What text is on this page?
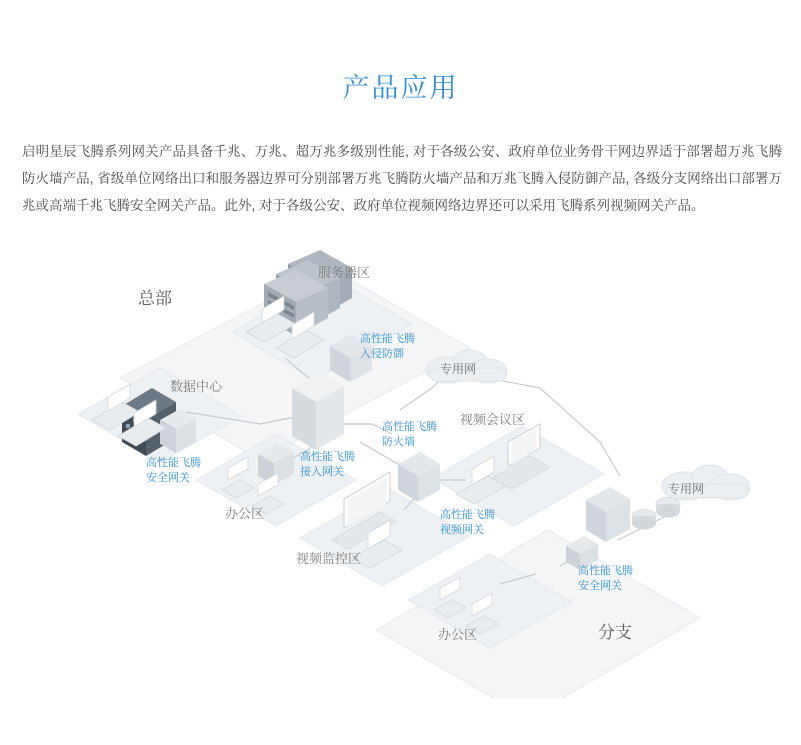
产品应用

启明星辰飞腾系列网关产品具备千兆、万兆、超万兆多级别性能, 对于各级公安、政府单位业务骨干网边界适于部署超万兆飞腾防火墙产品, 省级单位网络出口和服务器边界可分别部署万兆飞腾防火墙产品和万兆飞腾入侵防御产品, 各级分支网络出口部署万兆或高端千兆飞腾安全网关产品。此外, 对于各级公安、政府单位视频网络边界还可以采用飞腾系列视频网关产品。

总部
服务器区
数据中心
办公区
视频监控区
视频会议区
分支
办公区
专用网
专用网
高性能飞腾
入侵防御
高性能飞腾
安全网关
高性能飞腾
防火墙
高性能飞腾
接入网关
高性能飞腾
视频网关
高性能飞腾
安全网关
